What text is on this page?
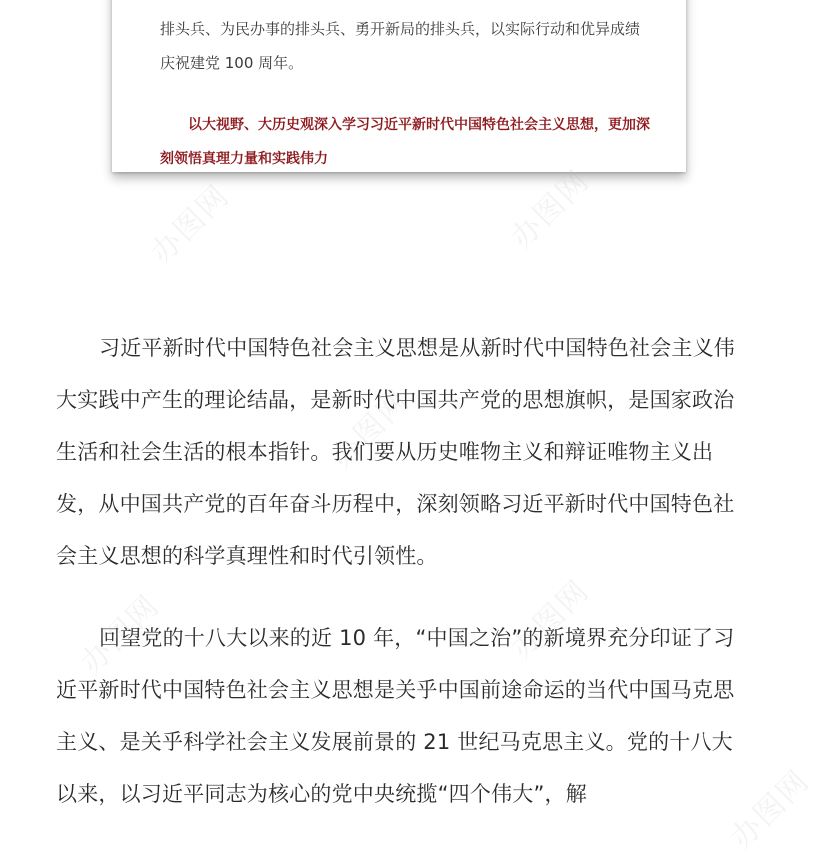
排头兵、为民办事的排头兵、勇开新局的排头兵，以实际行动和优异成绩庆祝建党 100 周年。

以大视野、大历史观深入学习习近平新时代中国特色社会主义思想，更加深刻领悟真理力量和实践伟力

习近平新时代中国特色社会主义思想是从新时代中国特色社会主义伟大实践中产生的理论结晶，是新时代中国共产党的思想旗帜，是国家政治生活和社会生活的根本指针。我们要从历史唯物主义和辩证唯物主义出发，从中国共产党的百年奋斗历程中，深刻领略习近平新时代中国特色社会主义思想的科学真理性和时代引领性。

回望党的十八大以来的近 10 年，“中国之治”的新境界充分印证了习近平新时代中国特色社会主义思想是关乎中国前途命运的当代中国马克思主义、是关乎科学社会主义发展前景的 21 世纪马克思主义。党的十八大以来，以习近平同志为核心的党中央统揽“四个伟大”，解

办图网	办图网
办图网
办图网
办图网
办图网
